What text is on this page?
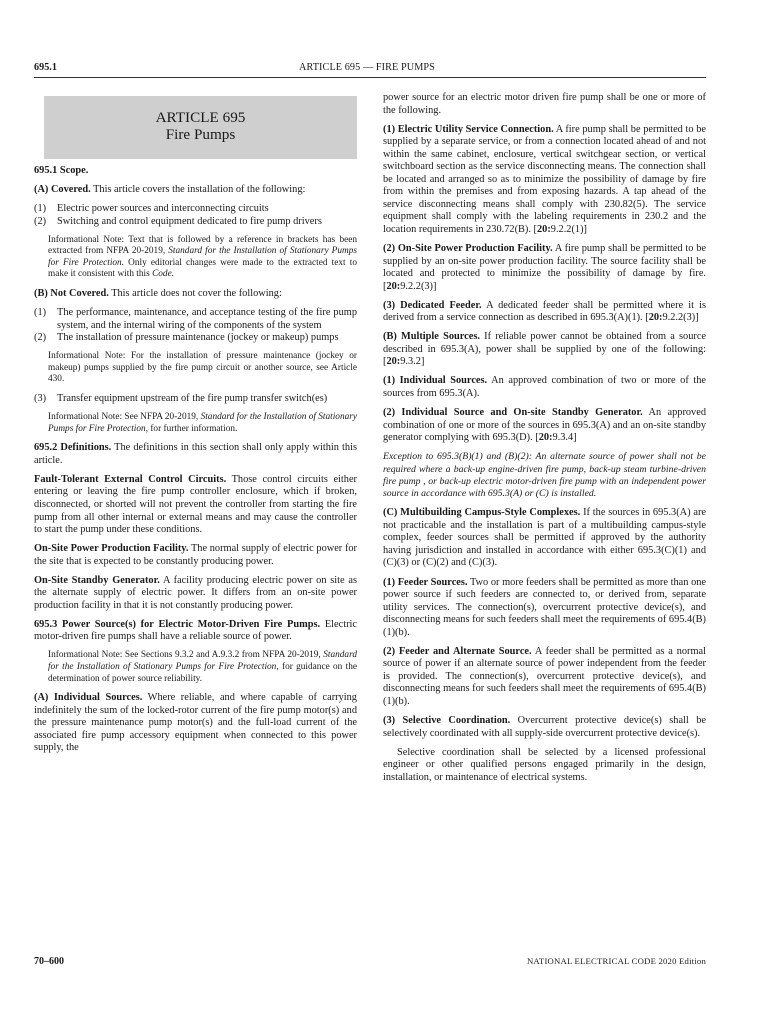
695.1	ARTICLE 695 — FIRE PUMPS
ARTICLE 695
Fire Pumps

695.1 Scope.

(A) Covered. This article covers the installation of the following:

(1)	Electric power sources and interconnecting circuits
(2)	Switching and control equipment dedicated to fire pump drivers

Informational Note: Text that is followed by a reference in brackets has been extracted from NFPA 20-2019, Standard for the Installation of Stationary Pumps for Fire Protection. Only editorial changes were made to the extracted text to make it consistent with this Code.

(B) Not Covered. This article does not cover the following:

(1)	The performance, maintenance, and acceptance testing of the fire pump system, and the internal wiring of the components of the system
(2)	The installation of pressure maintenance (jockey or makeup) pumps

Informational Note: For the installation of pressure maintenance (jockey or makeup) pumps supplied by the fire pump circuit or another source, see Article 430.

(3)	Transfer equipment upstream of the fire pump transfer switch(es)

Informational Note: See NFPA 20-2019, Standard for the Installation of Stationary Pumps for Fire Protection, for further information.

695.2 Definitions. The definitions in this section shall only apply within this article.

Fault-Tolerant External Control Circuits. Those control circuits either entering or leaving the fire pump controller enclosure, which if broken, disconnected, or shorted will not prevent the controller from starting the fire pump from all other internal or external means and may cause the controller to start the pump under these conditions.

On-Site Power Production Facility. The normal supply of electric power for the site that is expected to be constantly producing power.

On-Site Standby Generator. A facility producing electric power on site as the alternate supply of electric power. It differs from an on-site power production facility in that it is not constantly producing power.

695.3 Power Source(s) for Electric Motor-Driven Fire Pumps. Electric motor-driven fire pumps shall have a reliable source of power.

Informational Note: See Sections 9.3.2 and A.9.3.2 from NFPA 20-2019, Standard for the Installation of Stationary Pumps for Fire Protection, for guidance on the determination of power source reliability.

(A) Individual Sources. Where reliable, and where capable of carrying indefinitely the sum of the locked-rotor current of the fire pump motor(s) and the pressure maintenance pump motor(s) and the full-load current of the associated fire pump accessory equipment when connected to this power supply, the

power source for an electric motor driven fire pump shall be one or more of the following.

(1) Electric Utility Service Connection. A fire pump shall be permitted to be supplied by a separate service, or from a connection located ahead of and not within the same cabinet, enclosure, vertical switchgear section, or vertical switchboard section as the service disconnecting means. The connection shall be located and arranged so as to minimize the possibility of damage by fire from within the premises and from exposing hazards. A tap ahead of the service disconnecting means shall comply with 230.82(5). The service equipment shall comply with the labeling requirements in 230.2 and the location requirements in 230.72(B). [20:9.2.2(1)]

(2) On-Site Power Production Facility. A fire pump shall be permitted to be supplied by an on-site power production facility. The source facility shall be located and protected to minimize the possibility of damage by fire. [20:9.2.2(3)]

(3) Dedicated Feeder. A dedicated feeder shall be permitted where it is derived from a service connection as described in 695.3(A)(1). [20:9.2.2(3)]

(B) Multiple Sources. If reliable power cannot be obtained from a source described in 695.3(A), power shall be supplied by one of the following: [20:9.3.2]

(1) Individual Sources. An approved combination of two or more of the sources from 695.3(A).

(2) Individual Source and On-site Standby Generator. An approved combination of one or more of the sources in 695.3(A) and an on-site standby generator complying with 695.3(D). [20:9.3.4]

Exception to 695.3(B)(1) and (B)(2): An alternate source of power shall not be required where a back-up engine-driven fire pump, back-up steam turbine-driven fire pump , or back-up electric motor-driven fire pump with an independent power source in accordance with 695.3(A) or (C) is installed.

(C) Multibuilding Campus-Style Complexes. If the sources in 695.3(A) are not practicable and the installation is part of a multibuilding campus-style complex, feeder sources shall be permitted if approved by the authority having jurisdiction and installed in accordance with either 695.3(C)(1) and (C)(3) or (C)(2) and (C)(3).

(1) Feeder Sources. Two or more feeders shall be permitted as more than one power source if such feeders are connected to, or derived from, separate utility services. The connection(s), overcurrent protective device(s), and disconnecting means for such feeders shall meet the requirements of 695.4(B)(1)(b).

(2) Feeder and Alternate Source. A feeder shall be permitted as a normal source of power if an alternate source of power independent from the feeder is provided. The connection(s), overcurrent protective device(s), and disconnecting means for such feeders shall meet the requirements of 695.4(B)(1)(b).

(3) Selective Coordination. Overcurrent protective device(s) shall be selectively coordinated with all supply-side overcurrent protective device(s).

Selective coordination shall be selected by a licensed professional engineer or other qualified persons engaged primarily in the design, installation, or maintenance of electrical systems.

70–600	NATIONAL ELECTRICAL CODE 2020 Edition
